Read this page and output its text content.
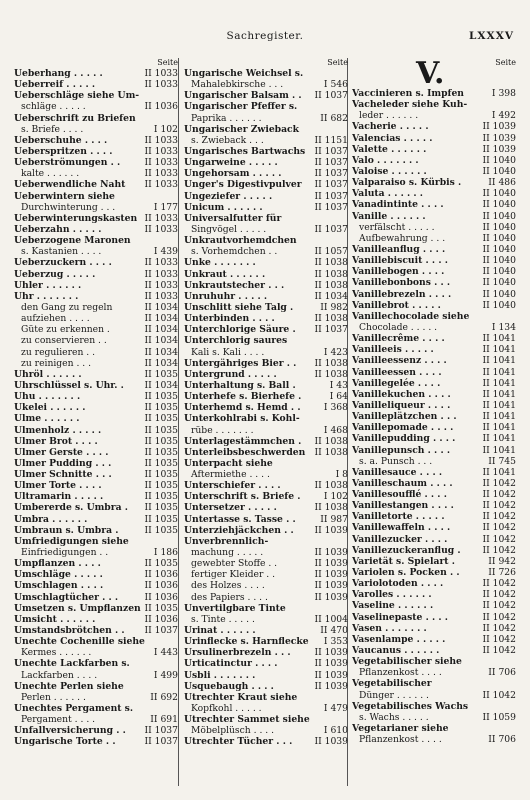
Sachregister.	LXXXV
Seite
Ueberhang . . . . .	II 1033
Ueberreif . . . . .	II 1033
Ueberschläge siehe Um-
schläge . . . . .	II 1036
Ueberschrift zu Briefen
s. Briefe . . . .	I 102
Ueberschuhe . . . .	II 1033
Ueberspritzen . . . .	II 1033
Ueberströmungen . .	II 1033
kalte . . . . . .	II 1033
Ueberwendliche Naht II 1033
Ueberwintern siehe
Durchwinterung . . .	I 177
Ueberwinterungskasten II 1033
Ueberzahn . . . . .	II 1033
Ueberzogene Maronen
s. Kastanien . . . .	I 439
Ueberzuckern . . . .	II 1033
Ueberzug . . . . .	II 1033
Uhler . . . . . .	II 1033
Uhr . . . . . . .	II 1033
den Gang zu regeln	II 1034
aufziehen . . . .	II 1034
Güte zu erkennen .	II 1034
zu conservieren . .	II 1034
zu regulieren . .	II 1034
zu reinigen . . .	II 1034
Uhröl . . . . . .	II 1035
Uhrschlüssel s. Uhr. . II 1034
Uhu . . . . . . .	II 1035
Ukelei . . . . . .	II 1035
Ulme . . . . . .	II 1035
Ulmenholz . . . . .	II 1035
Ulmer Brot . . . .	II 1035
Ulmer Gerste . . . .	II 1035
Ulmer Pudding . . .	II 1035
Ulmer Schnitte . . .	II 1035
Ulmer Torte . . . .	II 1035
Ultramarin . . . . .	II 1035
Umbererde s. Umbra . II 1035
Umbra . . . . . .	II 1035
Umbraun s. Umbra .	II 1035
Umfriedigungen siehe
Einfriedigungen . .	I 186
Umpflanzen . . . .	II 1035
Umschläge . . . . .	II 1036
Umschlagen . . . .	II 1036
Umschlagtücher . . .	II 1036
Umsetzen s. Umpflanzen II 1035
Umsicht . . . . . .	II 1036
Umstandsbrötchen . . II 1037
Unechte Cochenille siehe
Kermes . . . . . .	I 443
Unechte Lackfarben s.
Lackfarben . . . .	I 499
Unechte Perlen siehe
Perlen . . . . . .	II 692
Unechtes Pergament s.
Pergament . . . .	II 691
Unfallversicherung . . II 1037
Ungarische Torte . .	II 1037
Seite
Ungarische Weichsel s.
Mahalebkirsche . . .	I 546
Ungarischer Balsam . . II 1037
Ungarischer Pfeffer s.
Paprika . . . . . .	II 682
Ungarischer Zwieback
s. Zwieback . . .	II 1151
Ungarisches Bartwachs II 1037
Ungarweine . . . . .	II 1037
Ungehorsam . . . . .	II 1037
Unger's Digestivpulver II 1037
Ungeziefer . . . . .	II 1037
Unicum . . . . . .	II 1037
Universalfutter für
Singvögel . . . . .	II 1037
Unkrautvorhemdchen
s. Vorhemdchen . .	II 1057
Unke . . . . . . .	II 1038
Unkraut . . . . . .	II 1038
Unkrautstecher . . .	II 1038
Unruhuhr . . . . .	II 1034
Unschlitt siehe Talg .	II 982
Unterbinden . . . .	II 1038
Unterchlorige Säure . II 1037
Unterchlorig saures
Kali s. Kali . . . .	I 423
Untergähriges Bier . . II 1038
Untergrund . . . . .	II 1038
Unterhaltung s. Ball .	I 43
Unterhefe s. Bierhefe .	I 64
Unterhemd s. Hemd . .	I 368
Unterkohlrabi s. Kohl-
rübe . . . . . . .	I 468
Unterlagestämmchen . II 1038
Unterleibsbeschwerden II 1038
Unterpacht siehe
Aftermiethe . . . .	I 8
Unterschiefer . . . .	II 1038
Unterschrift s. Briefe .	I 102
Untersetzer . . . . .	II 1038
Untertasse s. Tasse . .	II 987
Unterziehjäckchen . . II 1039
Unverbrennlich-
machung . . . . .	II 1039
gewebter Stoffe . .	II 1039
fertiger Kleider . .	II 1039
des Holzes . . . .	II 1039
des Papiers . . . .	II 1039
Unvertilgbare Tinte
s. Tinte . . . . .	II 1004
Urinat . . . . . .	II 470
Urinflecke s. Harnflecke I 353
Ursulinerbrezeln . . .	II 1039
Urticatinctur . . . .	II 1039
Usbli . . . . . . .	II 1039
Usquebaugh . . . .	II 1039
Utrechter Kraut siehe
Kopfkohl . . . . .	I 479
Utrechter Sammet siehe
Möbelplüsch . . . .	I 610
Utrechter Tücher . . . II 1039
V.	Seite
Vaccinieren s. Impfen	I 398
Vacheleder siehe Kuh-
leder . . . . . .	I 492
Vacherie . . . . .	II 1039
Valencias . . . . .	II 1039
Valette . . . . . .	II 1039
Valo . . . . . . .	II 1040
Valoise . . . . . .	II 1040
Valparaiso s. Kürbis .	II 486
Valuta . . . . . .	II 1040
Vanadintinte . . . .	II 1040
Vanille . . . . . .	II 1040
verfälscht . . . . .	II 1040
Aufbewahrung . . .	II 1040
Vanilleanflug . . . .	II 1040
Vanillebiscuit . . . .	II 1040
Vanillebogen . . . .	II 1040
Vanillebonbons . . .	II 1040
Vanillebrezeln . . . .	II 1040
Vanillebrot . . . . .	II 1040
Vanillechocolade siehe
Chocolade . . . . .	I 134
Vanillecrême . . . .	II 1041
Vanilleeis . . . . .	II 1041
Vanilleessenz . . . .	II 1041
Vanilleessen . . . .	II 1041
Vanillegelée . . . .	II 1041
Vanillekuchen . . . .	II 1041
Vanilleliqueur . . . .	II 1041
Vanilleplätzchen . . .	II 1041
Vanillepomade . . . .	II 1041
Vanillepudding . . . .	II 1041
Vanillepunsch . . . .	II 1041
s. a. Punsch . . .	II 745
Vanillesauce . . . .	II 1041
Vanilleschaum . . . .	II 1042
Vanillesoufflé . . . .	II 1042
Vanillestangen . . . .	II 1042
Vanilletorte . . . . .	II 1042
Vanillewaffeln . . . .	II 1042
Vanillezucker . . . .	II 1042
Vanillezuckeranflug . II 1042
Varietät s. Spielart .	II 942
Variolen s. Pocken . .	II 726
Variolotoden . . . .	II 1042
Varolles . . . . . .	II 1042
Vaseline . . . . . .	II 1042
Vaselinepaste . . . .	II 1042
Vasen . . . . . . .	II 1042
Vasenlampe . . . . .	II 1042
Vaucanus . . . . . .	II 1042
Vegetabilischer siehe
Pflanzenkost . . . .	II 706
Vegetabilischer
Dünger . . . . . .	II 1042
Vegetabilisches Wachs
s. Wachs . . . . .	II 1059
Vegetarianer siehe
Pflanzenkost . . . .	II 706
